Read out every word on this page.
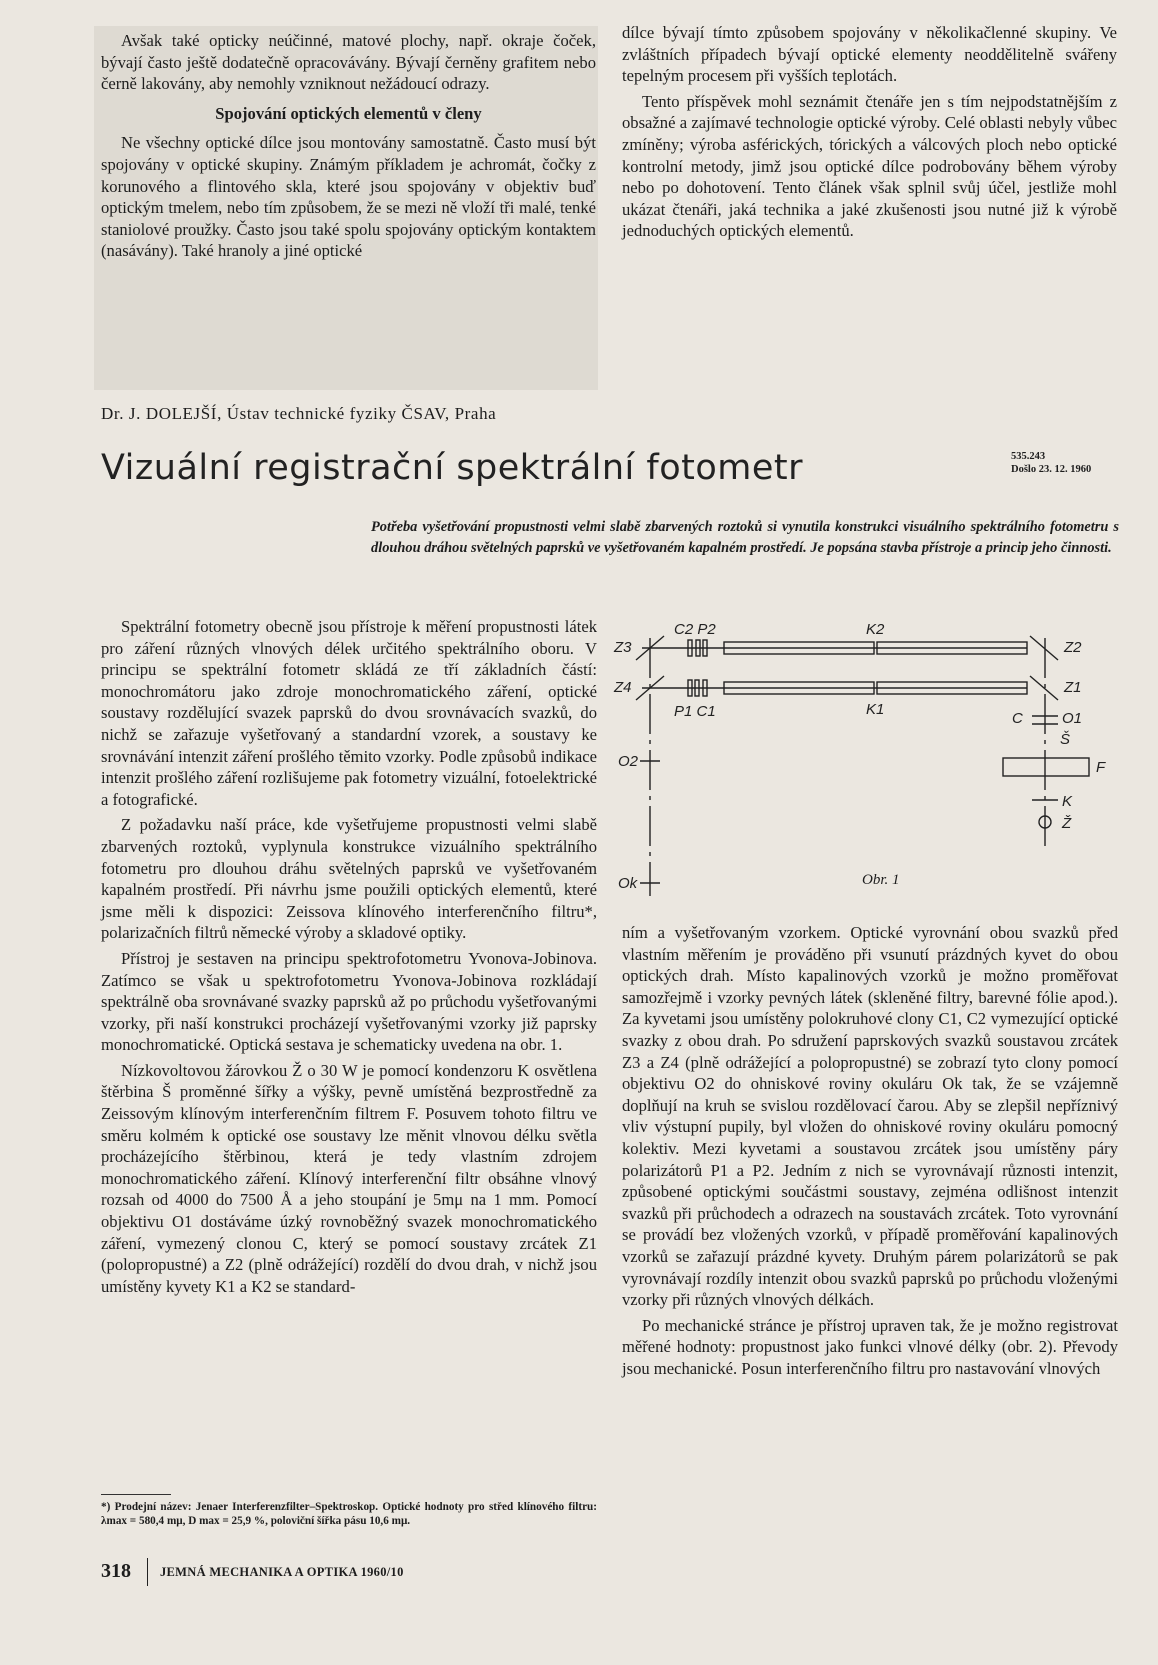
Avšak také opticky neúčinné, matové plochy, např. okraje čoček, bývají často ještě dodatečně opracovávány. Bývají černěny grafitem nebo černě lakovány, aby nemohly vzniknout nežádoucí odrazy.

Spojování optických elementů v členy

Ne všechny optické dílce jsou montovány samostatně. Často musí být spojovány v optické skupiny. Známým příkladem je achromát, čočky z korunového a flintového skla, které jsou spojovány v objektiv buď optickým tmelem, nebo tím způsobem, že se mezi ně vloží tři malé, tenké staniolové proužky. Často jsou také spolu spojovány optickým kontaktem (nasávány). Také hranoly a jiné optické

dílce bývají tímto způsobem spojovány v několikačlenné skupiny. Ve zvláštních případech bývají optické elementy neoddělitelně svářeny tepelným procesem při vyšších teplotách.

Tento příspěvek mohl seznámit čtenáře jen s tím nejpodstatnějším z obsažné a zajímavé technologie optické výroby. Celé oblasti nebyly vůbec zmíněny; výroba asférických, tórických a válcových ploch nebo optické kontrolní metody, jimž jsou optické dílce podrobovány během výroby nebo po dohotovení. Tento článek však splnil svůj účel, jestliže mohl ukázat čtenáři, jaká technika a jaké zkušenosti jsou nutné již k výrobě jednoduchých optických elementů.

Dr. J. DOLEJŠÍ, Ústav technické fyziky ČSAV, Praha
Vizuální registrační spektrální fotometr	535.243
Došlo 23. 12. 1960
Potřeba vyšetřování propustnosti velmi slabě zbarvených roztoků si vynutila konstrukci visuálního spektrálního fotometru s dlouhou dráhou světelných paprsků ve vyšetřovaném kapalném prostředí. Je popsána stavba přístroje a princip jeho činnosti.

Spektrální fotometry obecně jsou přístroje k měření propustnosti látek pro záření různých vlnových délek určitého spektrálního oboru. V principu se spektrální fotometr skládá ze tří základních částí: monochromátoru jako zdroje monochromatického záření, optické soustavy rozdělující svazek paprsků do dvou srovnávacích svazků, do nichž se zařazuje vyšetřovaný a standardní vzorek, a soustavy ke srovnávání intenzit záření prošlého těmito vzorky. Podle způsobů indikace intenzit prošlého záření rozlišujeme pak fotometry vizuální, fotoelektrické a fotografické.

Z požadavku naší práce, kde vyšetřujeme propustnosti velmi slabě zbarvených roztoků, vyplynula konstrukce vizuálního spektrálního fotometru pro dlouhou dráhu světelných paprsků ve vyšetřovaném kapalném prostředí. Při návrhu jsme použili optických elementů, které jsme měli k dispozici: Zeissova klínového interferenčního filtru*, polarizačních filtrů německé výroby a skladové optiky.

Přístroj je sestaven na principu spektrofotometru Yvonova-Jobinova. Zatímco se však u spektrofotometru Yvonova-Jobinova rozkládají spektrálně oba srovnávané svazky paprsků až po průchodu vyšetřovanými vzorky, při naší konstrukci procházejí vyšetřovanými vzorky již paprsky monochromatické. Optická sestava je schematicky uvedena na obr. 1.

Nízkovoltovou žárovkou Ž o 30 W je pomocí kondenzoru K osvětlena štěrbina Š proměnné šířky a výšky, pevně umístěná bezprostředně za Zeissovým klínovým interferenčním filtrem F. Posuvem tohoto filtru ve směru kolmém k optické ose soustavy lze měnit vlnovou délku světla procházejícího štěrbinou, která je tedy vlastním zdrojem monochromatického záření. Klínový interferenční filtr obsáhne vlnový rozsah od 4000 do 7500 Å a jeho stoupání je 5mμ na 1 mm. Pomocí objektivu O1 dostáváme úzký rovnoběžný svazek monochromatického záření, vymezený clonou C, který se pomocí soustavy zrcátek Z1 (polopropustné) a Z2 (plně odrážející) rozdělí do dvou drah, v nichž jsou umístěny kyvety K1 a K2 se standard-

*) Prodejní název: Jenaer Interferenzfilter–Spektroskop. Optické hodnoty pro střed klínového filtru: λmax = 580,4 mμ, D max = 25,9 %, poloviční šířka pásu 10,6 mμ.
Z3
Z4
Z2
Z1
C2 P2	K2
P1 C1	K1
C	O1
Š
F
K
Ž
O2
Ok	Obr. 1

ním a vyšetřovaným vzorkem. Optické vyrovnání obou svazků před vlastním měřením je prováděno při vsunutí prázdných kyvet do obou optických drah. Místo kapalinových vzorků je možno proměřovat samozřejmě i vzorky pevných látek (skleněné filtry, barevné fólie apod.). Za kyvetami jsou umístěny polokruhové clony C1, C2 vymezující optické svazky z obou drah. Po sdružení paprskových svazků soustavou zrcátek Z3 a Z4 (plně odrážející a polopropustné) se zobrazí tyto clony pomocí objektivu O2 do ohniskové roviny okuláru Ok tak, že se vzájemně doplňují na kruh se svislou rozdělovací čarou. Aby se zlepšil nepříznivý vliv výstupní pupily, byl vložen do ohniskové roviny okuláru pomocný kolektiv. Mezi kyvetami a soustavou zrcátek jsou umístěny páry polarizátorů P1 a P2. Jedním z nich se vyrovnávají různosti intenzit, způsobené optickými součástmi soustavy, zejména odlišnost intenzit svazků při průchodech a odrazech na soustavách zrcátek. Toto vyrovnání se provádí bez vložených vzorků, v případě proměřování kapalinových vzorků se zařazují prázdné kyvety. Druhým párem polarizátorů se pak vyrovnávají rozdíly intenzit obou svazků paprsků po průchodu vloženými vzorky při různých vlnových délkách.

Po mechanické stránce je přístroj upraven tak, že je možno registrovat měřené hodnoty: propustnost jako funkci vlnové délky (obr. 2). Převody jsou mechanické. Posun interferenčního filtru pro nastavování vlnových

318 JEMNÁ MECHANIKA A OPTIKA 1960/10
